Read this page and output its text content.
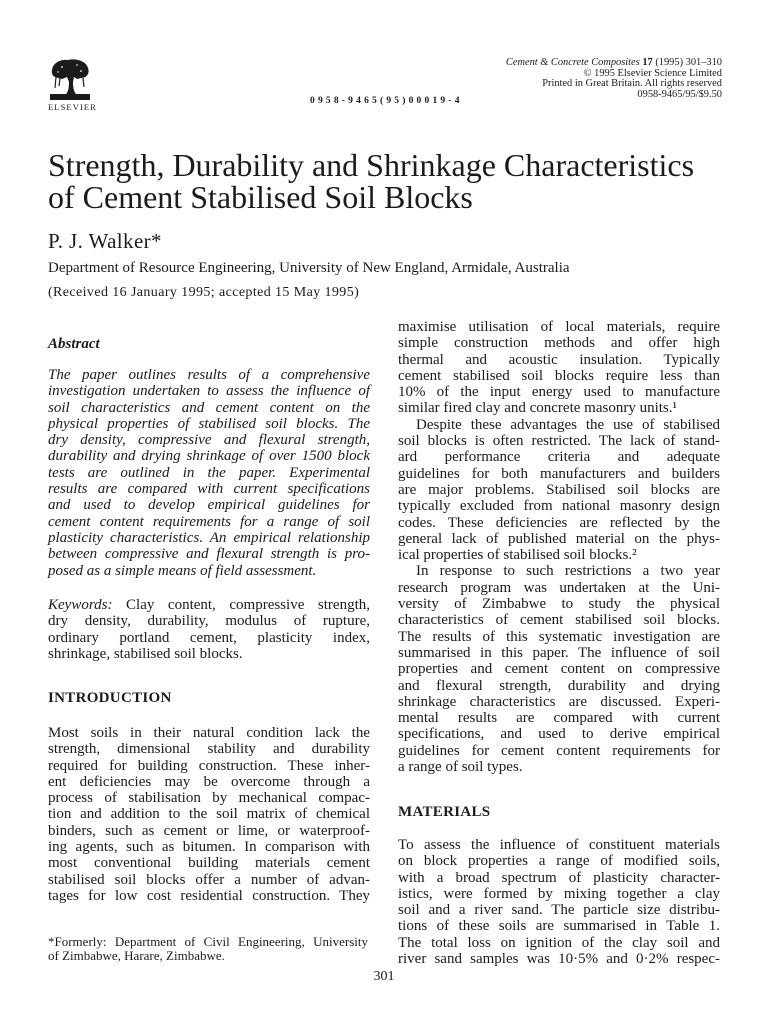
ELSEVIER
0958-9465(95)00019-4
Cement & Concrete Composites 17 (1995) 301–310
© 1995 Elsevier Science Limited
Printed in Great Britain. All rights reserved
0958-9465/95/$9.50
Strength, Durability and Shrinkage Characteristics
of Cement Stabilised Soil Blocks
P. J. Walker*
Department of Resource Engineering, University of New England, Armidale, Australia
(Received 16 January 1995; accepted 15 May 1995)
Abstract
The paper outlines results of a comprehensive
investigation undertaken to assess the influence of
soil characteristics and cement content on the
physical properties of stabilised soil blocks. The
dry density, compressive and flexural strength,
durability and drying shrinkage of over 1500 block
tests are outlined in the paper. Experimental
results are compared with current specifications
and used to develop empirical guidelines for
cement content requirements for a range of soil
plasticity characteristics. An empirical relationship
between compressive and flexural strength is pro-
posed as a simple means of field assessment.
Keywords: Clay content, compressive strength,
dry density, durability, modulus of rupture,
ordinary portland cement, plasticity index,
shrinkage, stabilised soil blocks.
INTRODUCTION
Most soils in their natural condition lack the
strength, dimensional stability and durability
required for building construction. These inher-
ent deficiencies may be overcome through a
process of stabilisation by mechanical compac-
tion and addition to the soil matrix of chemical
binders, such as cement or lime, or waterproof-
ing agents, such as bitumen. In comparison with
most conventional building materials cement
stabilised soil blocks offer a number of advan-
tages for low cost residential construction. They
*Formerly: Department of Civil Engineering, University
of Zimbabwe, Harare, Zimbabwe.
maximise utilisation of local materials, require
simple construction methods and offer high
thermal and acoustic insulation. Typically
cement stabilised soil blocks require less than
10% of the input energy used to manufacture
similar fired clay and concrete masonry units.¹
Despite these advantages the use of stabilised
soil blocks is often restricted. The lack of stand-
ard performance criteria and adequate
guidelines for both manufacturers and builders
are major problems. Stabilised soil blocks are
typically excluded from national masonry design
codes. These deficiencies are reflected by the
general lack of published material on the phys-
ical properties of stabilised soil blocks.²
In response to such restrictions a two year
research program was undertaken at the Uni-
versity of Zimbabwe to study the physical
characteristics of cement stabilised soil blocks.
The results of this systematic investigation are
summarised in this paper. The influence of soil
properties and cement content on compressive
and flexural strength, durability and drying
shrinkage characteristics are discussed. Experi-
mental results are compared with current
specifications, and used to derive empirical
guidelines for cement content requirements for
a range of soil types.
MATERIALS
To assess the influence of constituent materials
on block properties a range of modified soils,
with a broad spectrum of plasticity character-
istics, were formed by mixing together a clay
soil and a river sand. The particle size distribu-
tions of these soils are summarised in Table 1.
The total loss on ignition of the clay soil and
river sand samples was 10·5% and 0·2% respec-
301
